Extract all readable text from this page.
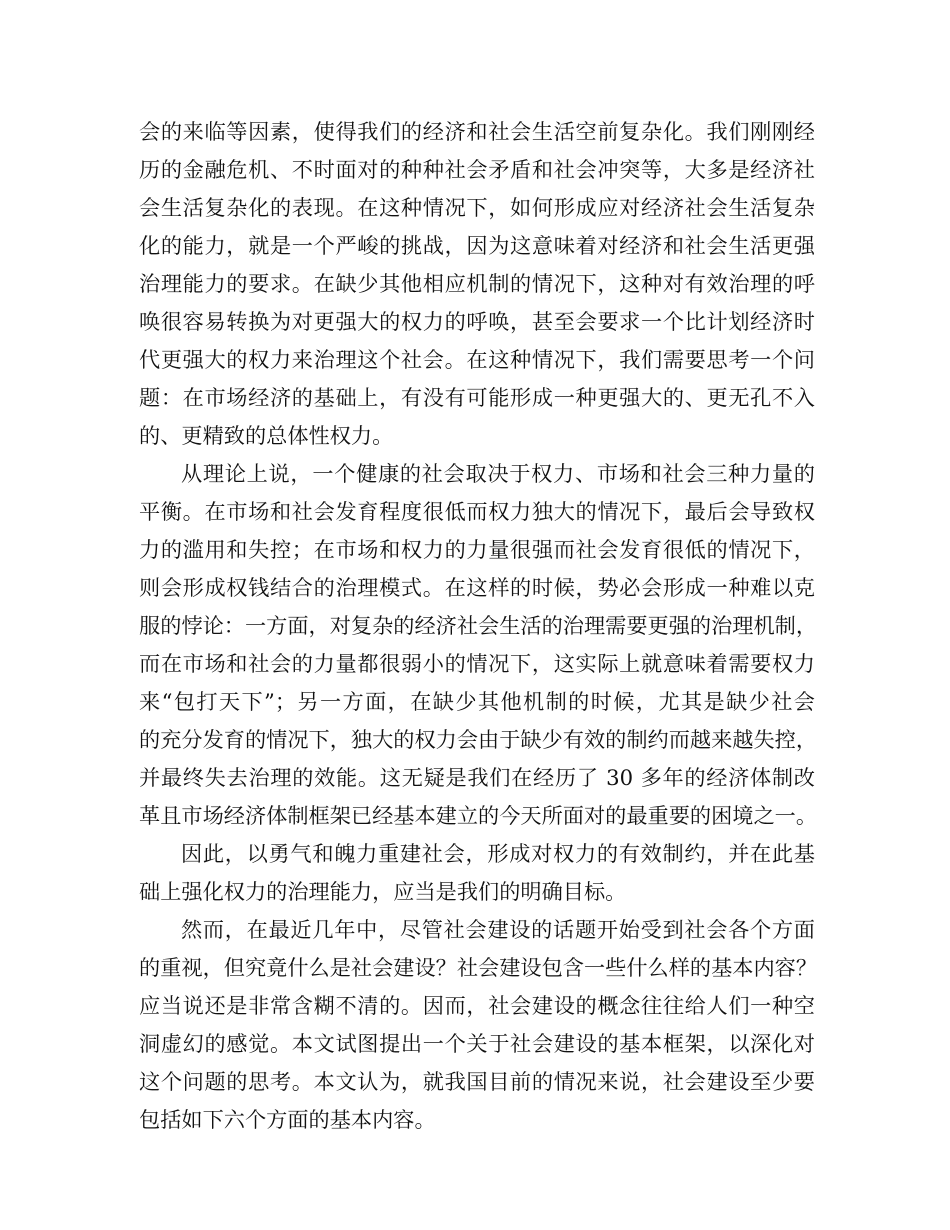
会的来临等因素，使得我们的经济和社会生活空前复杂化。我们刚刚经
历的金融危机、不时面对的种种社会矛盾和社会冲突等，大多是经济社
会生活复杂化的表现。在这种情况下，如何形成应对经济社会生活复杂
化的能力，就是一个严峻的挑战，因为这意味着对经济和社会生活更强
治理能力的要求。在缺少其他相应机制的情况下，这种对有效治理的呼
唤很容易转换为对更强大的权力的呼唤，甚至会要求一个比计划经济时
代更强大的权力来治理这个社会。在这种情况下，我们需要思考一个问
题：在市场经济的基础上，有没有可能形成一种更强大的、更无孔不入
的、更精致的总体性权力。
从理论上说，一个健康的社会取决于权力、市场和社会三种力量的
平衡。在市场和社会发育程度很低而权力独大的情况下，最后会导致权
力的滥用和失控；在市场和权力的力量很强而社会发育很低的情况下，
则会形成权钱结合的治理模式。在这样的时候，势必会形成一种难以克
服的悖论：一方面，对复杂的经济社会生活的治理需要更强的治理机制，
而在市场和社会的力量都很弱小的情况下，这实际上就意味着需要权力
来“包打天下”；另一方面，在缺少其他机制的时候，尤其是缺少社会
的充分发育的情况下，独大的权力会由于缺少有效的制约而越来越失控，
并最终失去治理的效能。这无疑是我们在经历了 30 多年的经济体制改
革且市场经济体制框架已经基本建立的今天所面对的最重要的困境之一。
因此，以勇气和魄力重建社会，形成对权力的有效制约，并在此基
础上强化权力的治理能力，应当是我们的明确目标。
然而，在最近几年中，尽管社会建设的话题开始受到社会各个方面
的重视，但究竟什么是社会建设？社会建设包含一些什么样的基本内容？
应当说还是非常含糊不清的。因而，社会建设的概念往往给人们一种空
洞虚幻的感觉。本文试图提出一个关于社会建设的基本框架，以深化对
这个问题的思考。本文认为，就我国目前的情况来说，社会建设至少要
包括如下六个方面的基本内容。
